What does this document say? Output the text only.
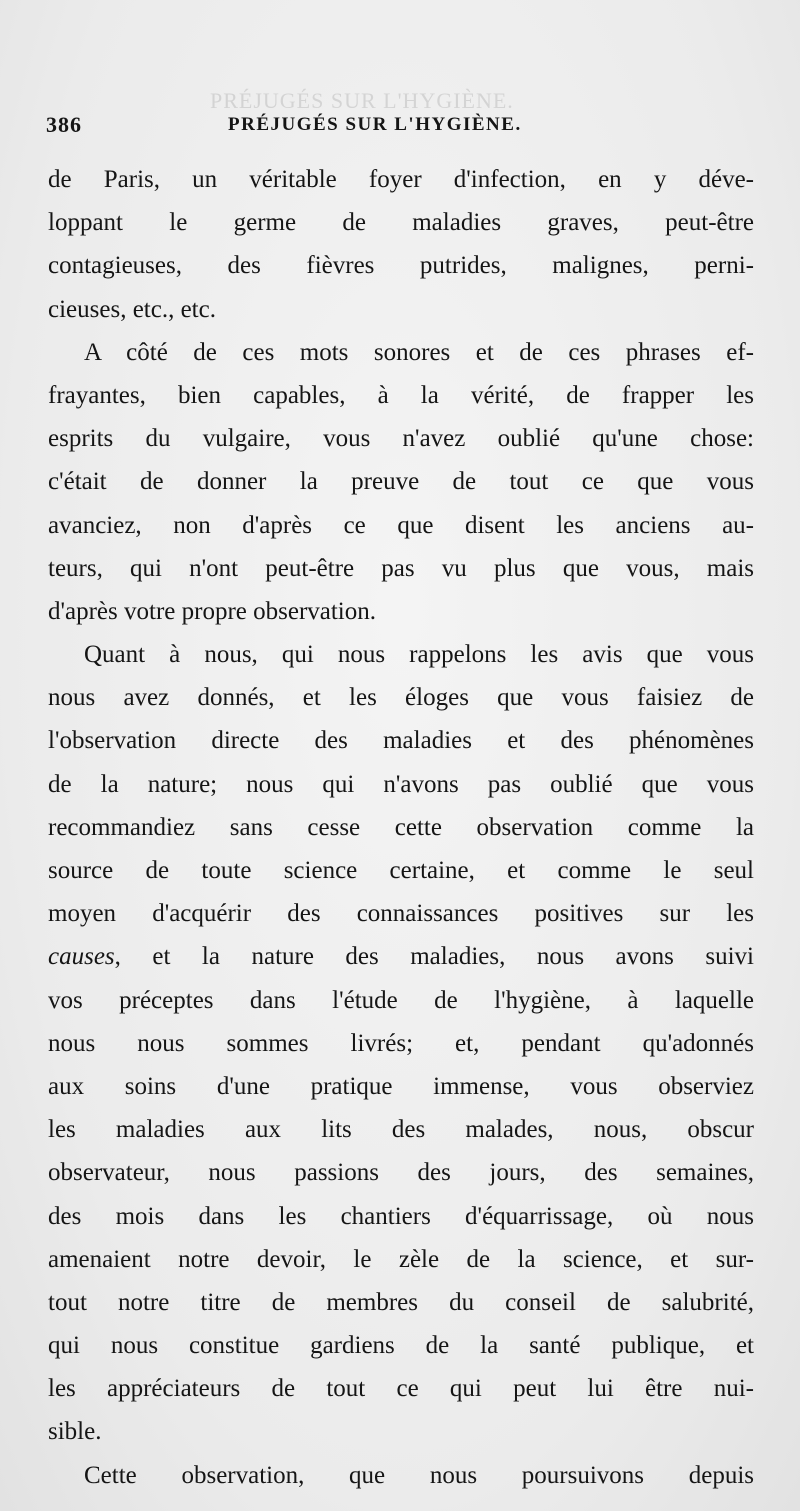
PRÉJUGÉS SUR L'HYGIÈNE.
386	PRÉJUGÉS SUR L'HYGIÈNE.
de Paris, un véritable foyer d'infection, en y déve-
loppant le germe de maladies graves, peut-être
contagieuses, des fièvres putrides, malignes, perni-
cieuses, etc., etc.
A côté de ces mots sonores et de ces phrases ef-
frayantes, bien capables, à la vérité, de frapper les
esprits du vulgaire, vous n'avez oublié qu'une chose:
c'était de donner la preuve de tout ce que vous
avanciez, non d'après ce que disent les anciens au-
teurs, qui n'ont peut-être pas vu plus que vous, mais
d'après votre propre observation.
Quant à nous, qui nous rappelons les avis que vous
nous avez donnés, et les éloges que vous faisiez de
l'observation directe des maladies et des phénomènes
de la nature; nous qui n'avons pas oublié que vous
recommandiez sans cesse cette observation comme la
source de toute science certaine, et comme le seul
moyen d'acquérir des connaissances positives sur les
causes, et la nature des maladies, nous avons suivi
vos préceptes dans l'étude de l'hygiène, à laquelle
nous nous sommes livrés; et, pendant qu'adonnés
aux soins d'une pratique immense, vous observiez
les maladies aux lits des malades, nous, obscur
observateur, nous passions des jours, des semaines,
des mois dans les chantiers d'équarrissage, où nous
amenaient notre devoir, le zèle de la science, et sur-
tout notre titre de membres du conseil de salubrité,
qui nous constitue gardiens de la santé publique, et
les appréciateurs de tout ce qui peut lui être nui-
sible.
Cette observation, que nous poursuivons depuis
